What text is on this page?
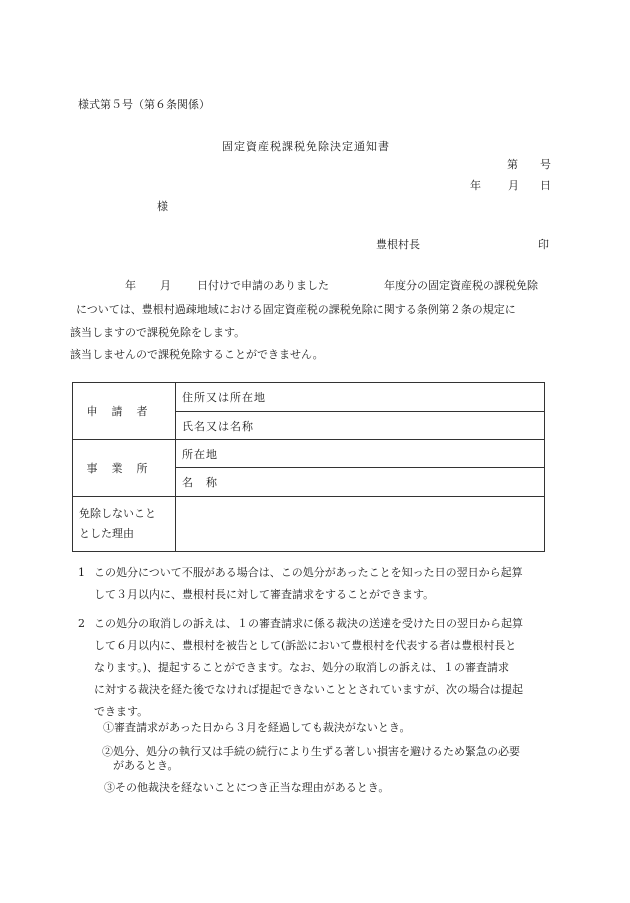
様式第５号（第６条関係）
固定資産税課税免除決定通知書
第 号
年 月 日
様
豊根村長	印
年 月 日付けで申請のありました	年度分の固定資産税の課税免除
については、豊根村過疎地域における固定資産税の課税免除に関する条例第２条の規定に
該当しますので課税免除をします。
該当しませんので課税免除することができません。
申請者	住所又は所在地
	氏名又は名称
事業所	所在地
	名　称
免除しないこと
とした理由	
1 この処分について不服がある場合は、この処分があったことを知った日の翌日から起算
して３月以内に、豊根村長に対して審査請求をすることができます。
2 この処分の取消しの訴えは、１の審査請求に係る裁決の送達を受けた日の翌日から起算
して６月以内に、豊根村を被告として(訴訟において豊根村を代表する者は豊根村長と
なります。)、提起することができます。なお、処分の取消しの訴えは、１の審査請求
に対する裁決を経た後でなければ提起できないこととされていますが、次の場合は提起
できます。
①審査請求があった日から３月を経過しても裁決がないとき。
②処分、処分の執行又は手続の続行により生ずる著しい損害を避けるため緊急の必要
があるとき。
③その他裁決を経ないことにつき正当な理由があるとき。
